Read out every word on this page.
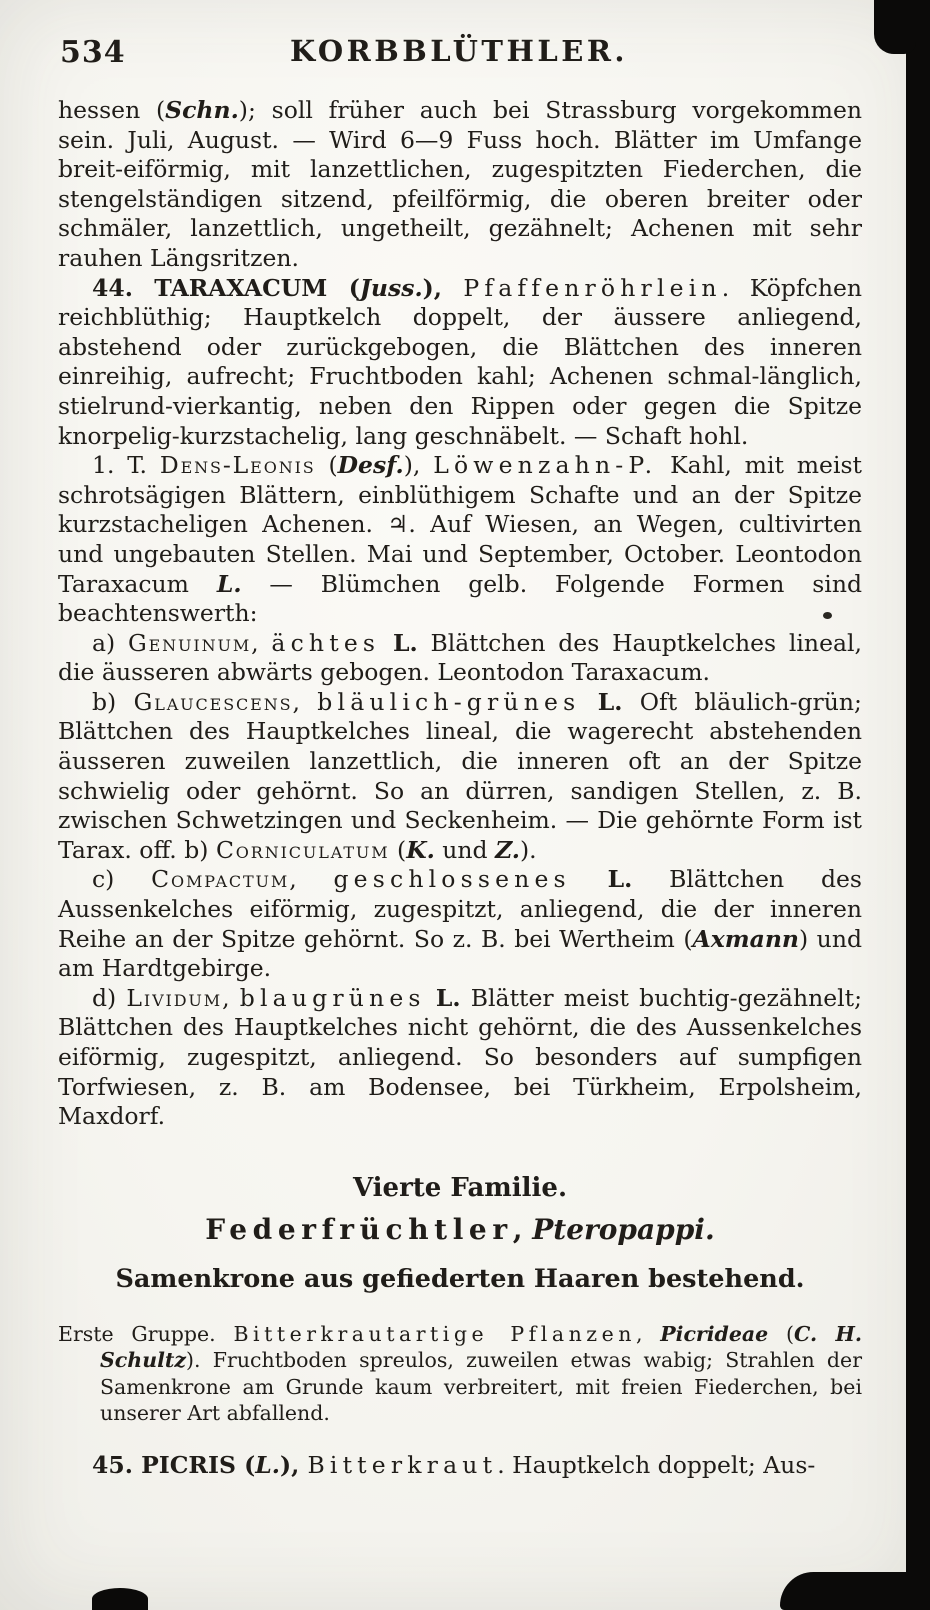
534	KORBBLÜTHLER.

hessen (Schn.); soll früher auch bei Strassburg vorgekommen sein. Juli, August. — Wird 6—9 Fuss hoch. Blätter im Umfange breit-eiförmig, mit lanzettlichen, zugespitzten Fiederchen, die stengelständigen sitzend, pfeilförmig, die oberen breiter oder schmäler, lanzettlich, ungetheilt, gezähnelt; Achenen mit sehr rauhen Längsritzen.

44. TARAXACUM (Juss.), Pfaffenröhrlein. Köpfchen reichblüthig; Hauptkelch doppelt, der äussere anliegend, abstehend oder zurückgebogen, die Blättchen des inneren einreihig, aufrecht; Fruchtboden kahl; Achenen schmal-länglich, stielrund-vierkantig, neben den Rippen oder gegen die Spitze knorpelig-kurzstachelig, lang geschnäbelt. — Schaft hohl.

1. T. Dens-Leonis (Desf.), Löwenzahn-P. Kahl, mit meist schrotsägigen Blättern, einblüthigem Schafte und an der Spitze kurzstacheligen Achenen. ♃. Auf Wiesen, an Wegen, cultivirten und ungebauten Stellen. Mai und September, October. Leontodon Taraxacum L. — Blümchen gelb. Folgende Formen sind beachtenswerth:

a) Genuinum, ächtes L. Blättchen des Hauptkelches lineal, die äusseren abwärts gebogen. Leontodon Taraxacum.

b) Glaucescens, bläulich-grünes L. Oft bläulich-grün; Blättchen des Hauptkelches lineal, die wagerecht abstehenden äusseren zuweilen lanzettlich, die inneren oft an der Spitze schwielig oder gehörnt. So an dürren, sandigen Stellen, z. B. zwischen Schwetzingen und Seckenheim. — Die gehörnte Form ist Tarax. off. b) Corniculatum (K. und Z.).

c) Compactum, geschlossenes L. Blättchen des Aussenkelches eiförmig, zugespitzt, anliegend, die der inneren Reihe an der Spitze gehörnt. So z. B. bei Wertheim (Axmann) und am Hardtgebirge.

d) Lividum, blaugrünes L. Blätter meist buchtig-gezähnelt; Blättchen des Hauptkelches nicht gehörnt, die des Aussenkelches eiförmig, zugespitzt, anliegend. So besonders auf sumpfigen Torfwiesen, z. B. am Bodensee, bei Türkheim, Erpolsheim, Maxdorf.

Vierte Familie.
Federfrüchtler, Pteropappi.
Samenkrone aus gefiederten Haaren bestehend.

Erste Gruppe. Bitterkrautartige Pflanzen, Picrideae (C. H. Schultz). Fruchtboden spreulos, zuweilen etwas wabig; Strahlen der Samenkrone am Grunde kaum verbreitert, mit freien Fiederchen, bei unserer Art abfallend.

45. PICRIS (L.), Bitterkraut. Hauptkelch doppelt; Aus-
